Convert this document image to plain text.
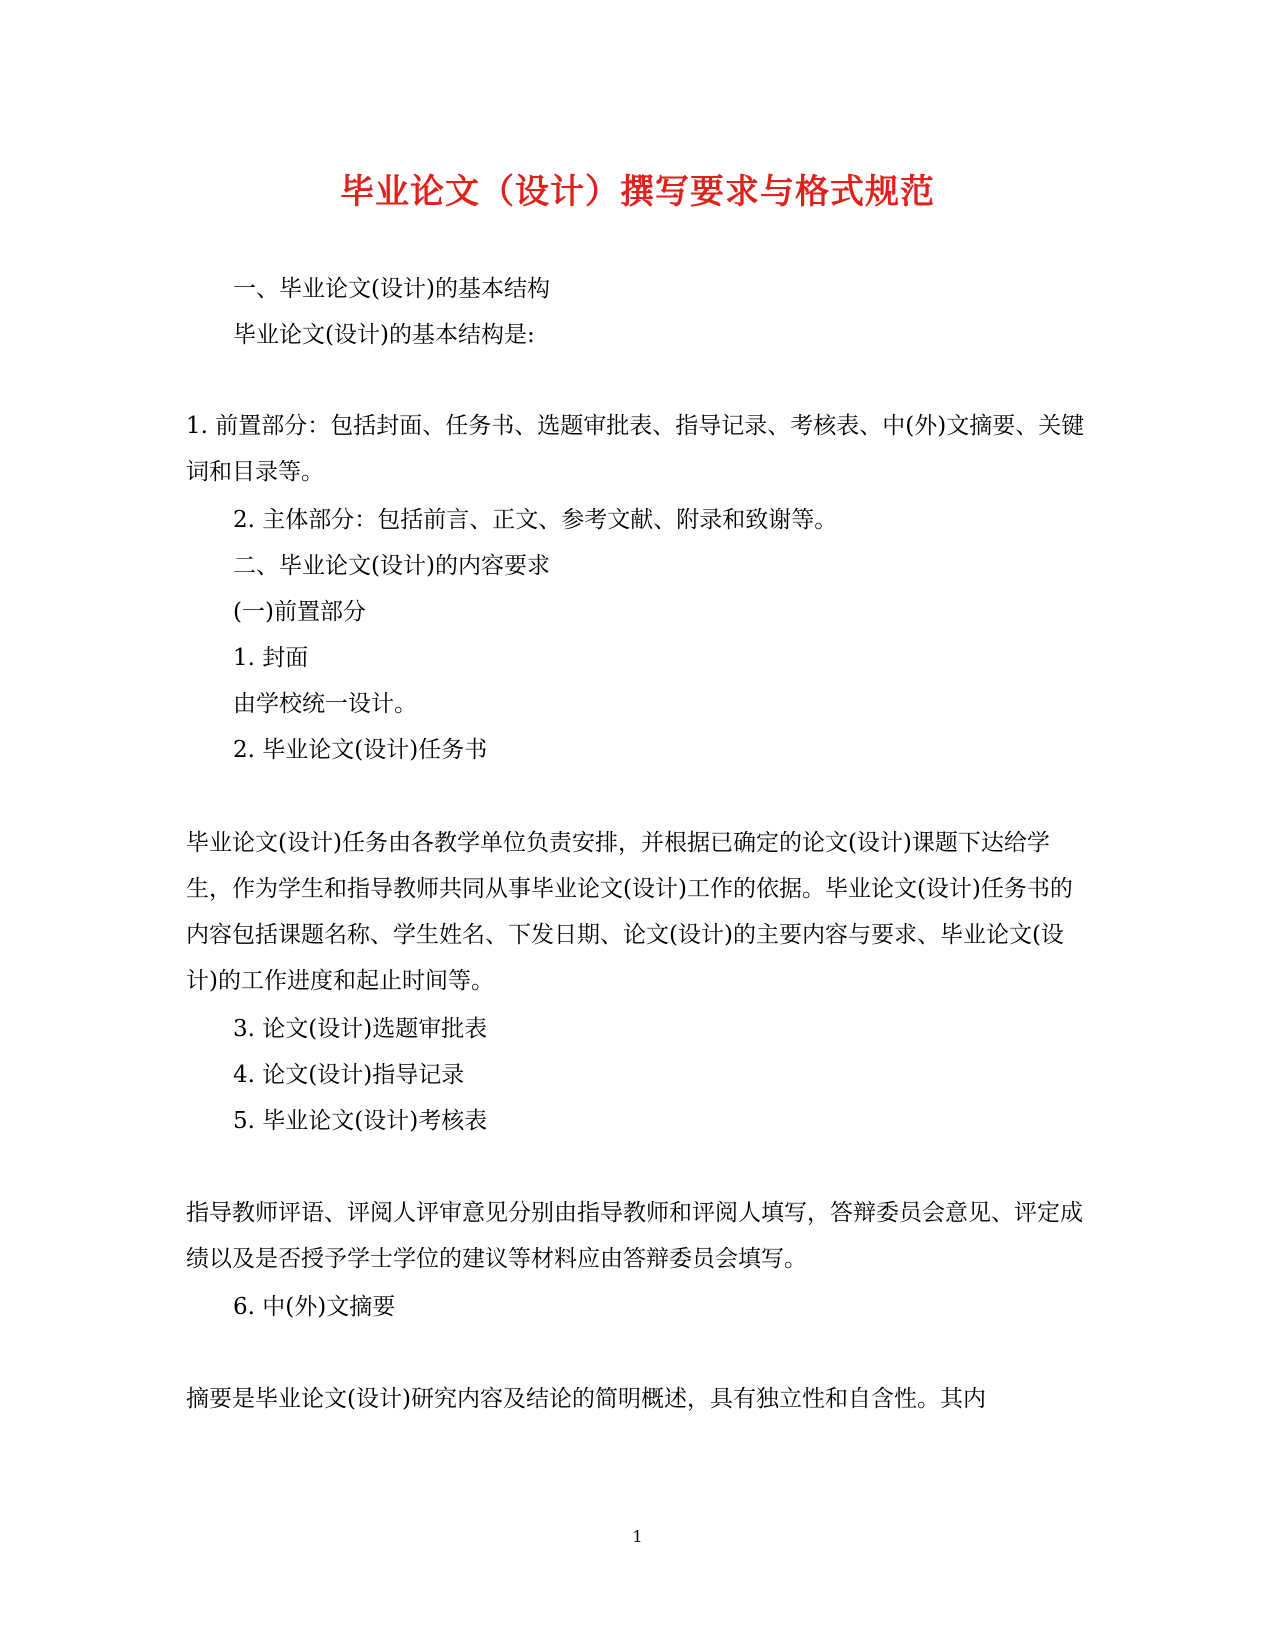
毕业论文（设计）撰写要求与格式规范

一、毕业论文(设计)的基本结构

毕业论文(设计)的基本结构是:

1. 前置部分：包括封面、任务书、选题审批表、指导记录、考核表、中(外)文摘要、关键词和目录等。

2. 主体部分：包括前言、正文、参考文献、附录和致谢等。

二、毕业论文(设计)的内容要求

(一)前置部分

1. 封面

由学校统一设计。

2. 毕业论文(设计)任务书

毕业论文(设计)任务由各教学单位负责安排，并根据已确定的论文(设计)课题下达给学生，作为学生和指导教师共同从事毕业论文(设计)工作的依据。毕业论文(设计)任务书的内容包括课题名称、学生姓名、下发日期、论文(设计)的主要内容与要求、毕业论文(设计)的工作进度和起止时间等。

3. 论文(设计)选题审批表

4. 论文(设计)指导记录

5. 毕业论文(设计)考核表

指导教师评语、评阅人评审意见分别由指导教师和评阅人填写，答辩委员会意见、评定成绩以及是否授予学士学位的建议等材料应由答辩委员会填写。

6. 中(外)文摘要

摘要是毕业论文(设计)研究内容及结论的简明概述，具有独立性和自含性。其内

1
